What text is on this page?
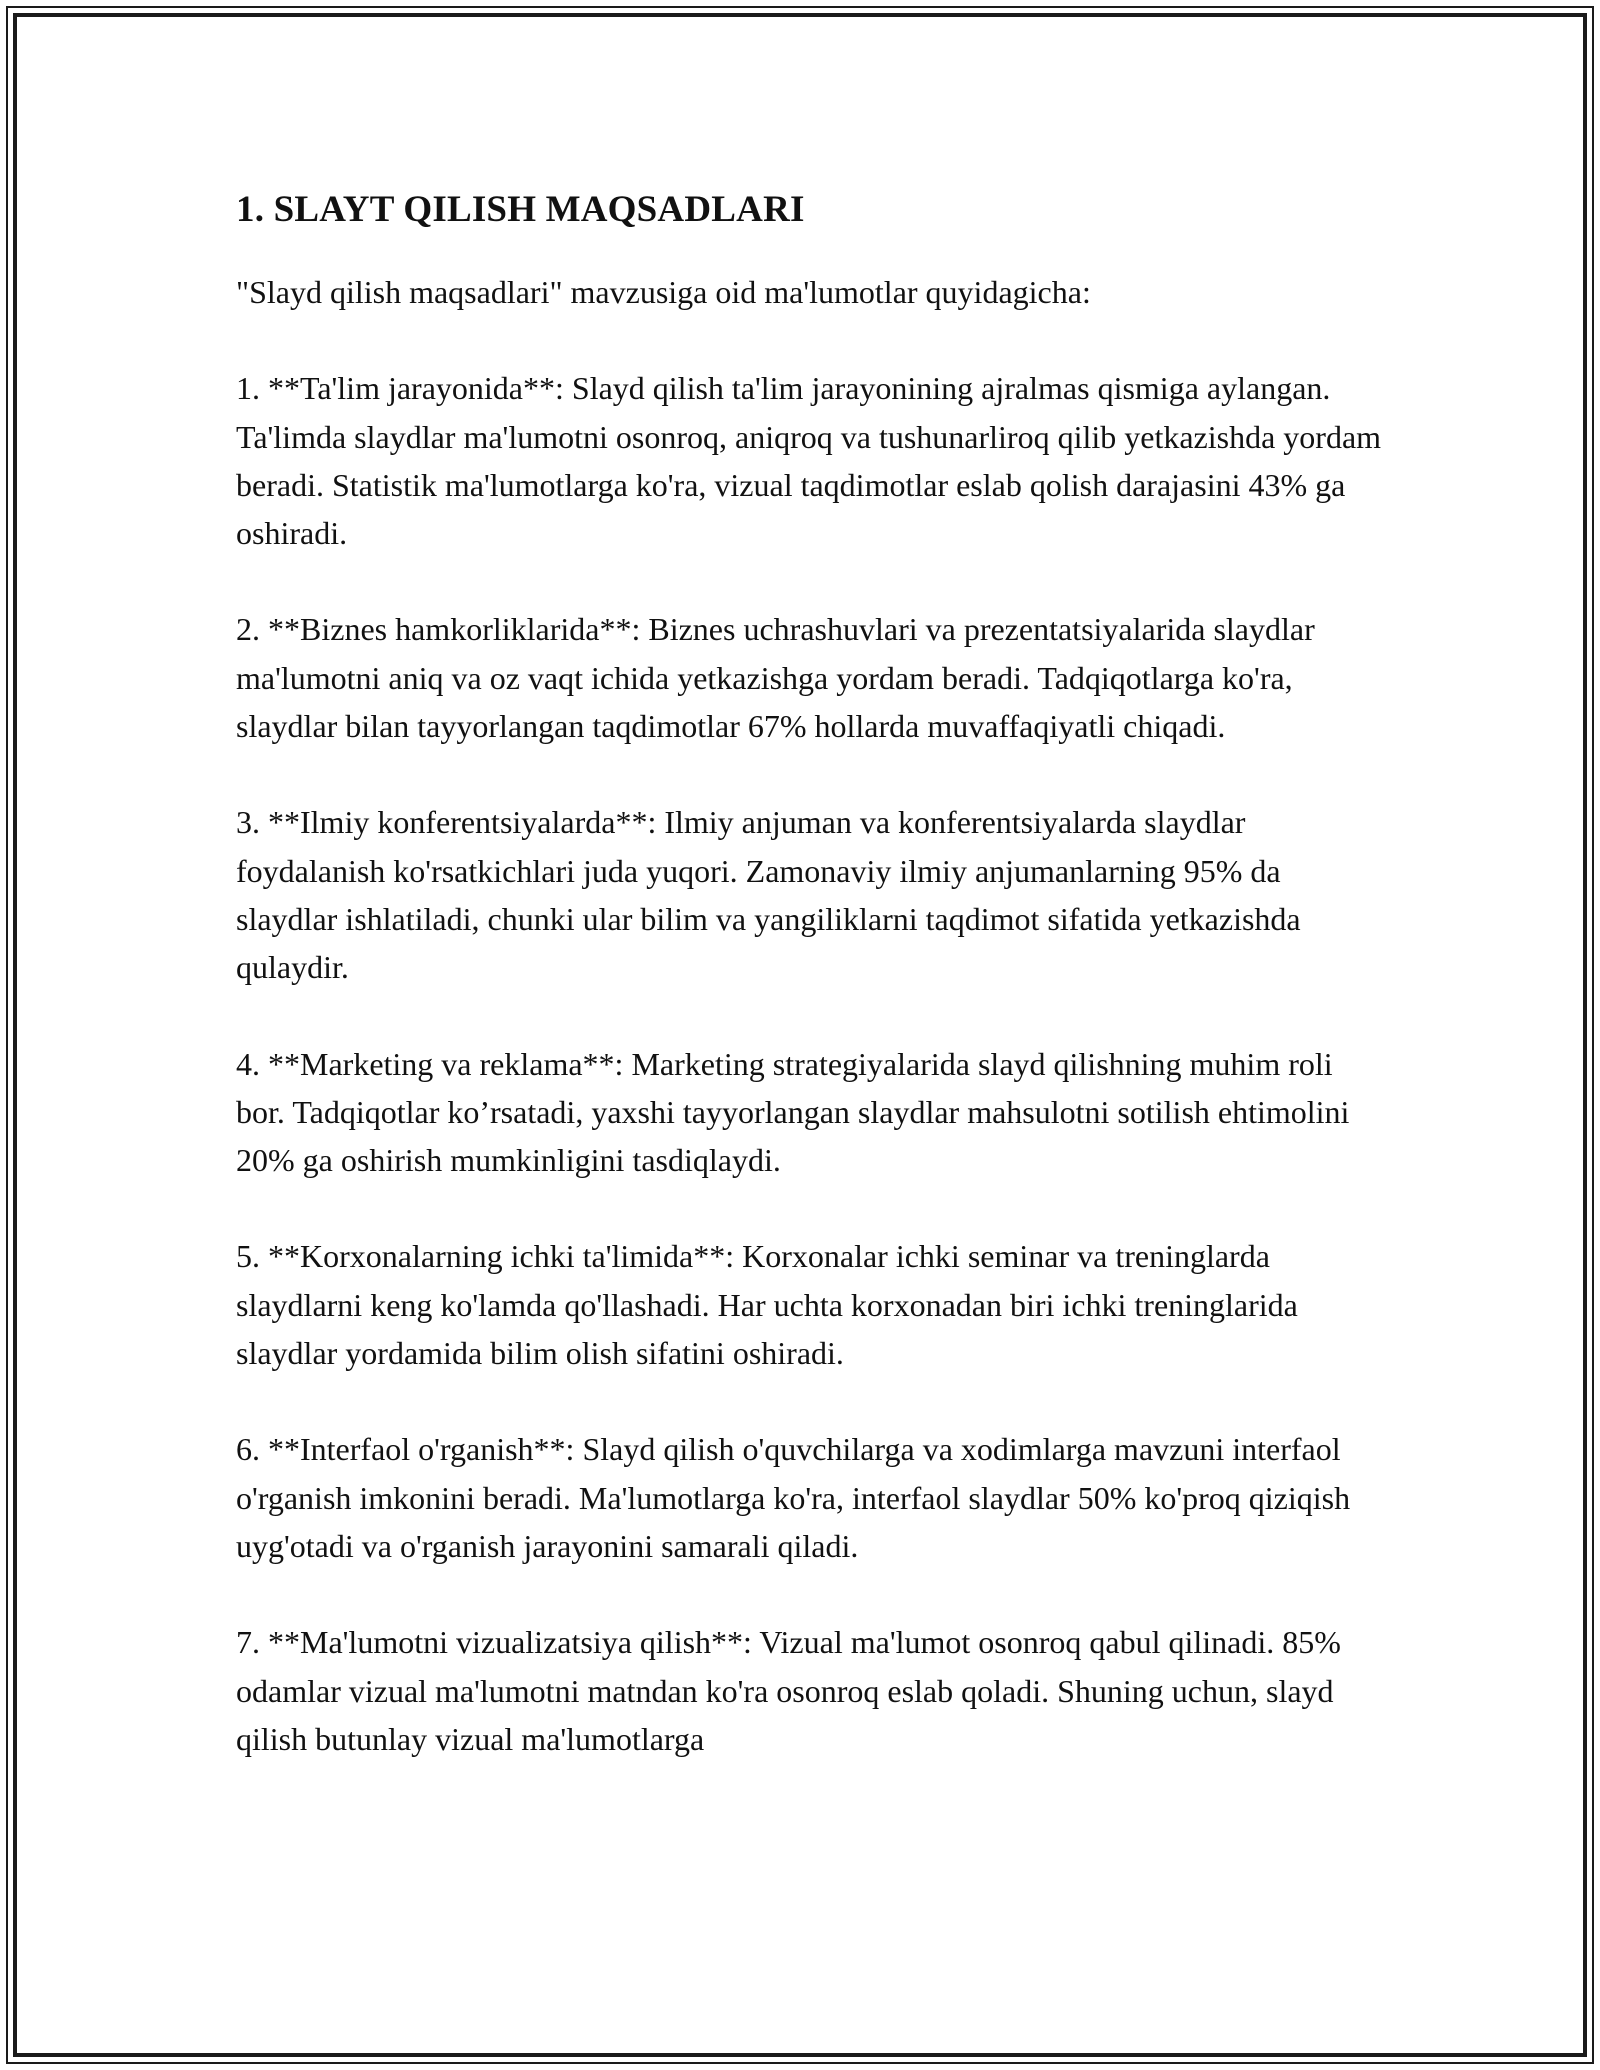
1. SLAYT QILISH MAQSADLARI

"Slayd qilish maqsadlari" mavzusiga oid ma'lumotlar quyidagicha:

1. **Ta'lim jarayonida**: Slayd qilish ta'lim jarayonining ajralmas qismiga aylangan. Ta'limda slaydlar ma'lumotni osonroq, aniqroq va tushunarliroq qilib yetkazishda yordam beradi. Statistik ma'lumotlarga ko'ra, vizual taqdimotlar eslab qolish darajasini 43% ga oshiradi.

2. **Biznes hamkorliklarida**: Biznes uchrashuvlari va prezentatsiyalarida slaydlar ma'lumotni aniq va oz vaqt ichida yetkazishga yordam beradi. Tadqiqotlarga ko'ra, slaydlar bilan tayyorlangan taqdimotlar 67% hollarda muvaffaqiyatli chiqadi.

3. **Ilmiy konferentsiyalarda**: Ilmiy anjuman va konferentsiyalarda slaydlar foydalanish ko'rsatkichlari juda yuqori. Zamonaviy ilmiy anjumanlarning 95% da slaydlar ishlatiladi, chunki ular bilim va yangiliklarni taqdimot sifatida yetkazishda qulaydir.

4. **Marketing va reklama**: Marketing strategiyalarida slayd qilishning muhim roli bor. Tadqiqotlar ko’rsatadi, yaxshi tayyorlangan slaydlar mahsulotni sotilish ehtimolini 20% ga oshirish mumkinligini tasdiqlaydi.

5. **Korxonalarning ichki ta'limida**: Korxonalar ichki seminar va treninglarda slaydlarni keng ko'lamda qo'llashadi. Har uchta korxonadan biri ichki treninglarida slaydlar yordamida bilim olish sifatini oshiradi.

6. **Interfaol o'rganish**: Slayd qilish o'quvchilarga va xodimlarga mavzuni interfaol o'rganish imkonini beradi. Ma'lumotlarga ko'ra, interfaol slaydlar 50% ko'proq qiziqish uyg'otadi va o'rganish jarayonini samarali qiladi.

7. **Ma'lumotni vizualizatsiya qilish**: Vizual ma'lumot osonroq qabul qilinadi. 85% odamlar vizual ma'lumotni matndan ko'ra osonroq eslab qoladi. Shuning uchun, slayd qilish butunlay vizual ma'lumotlarga
